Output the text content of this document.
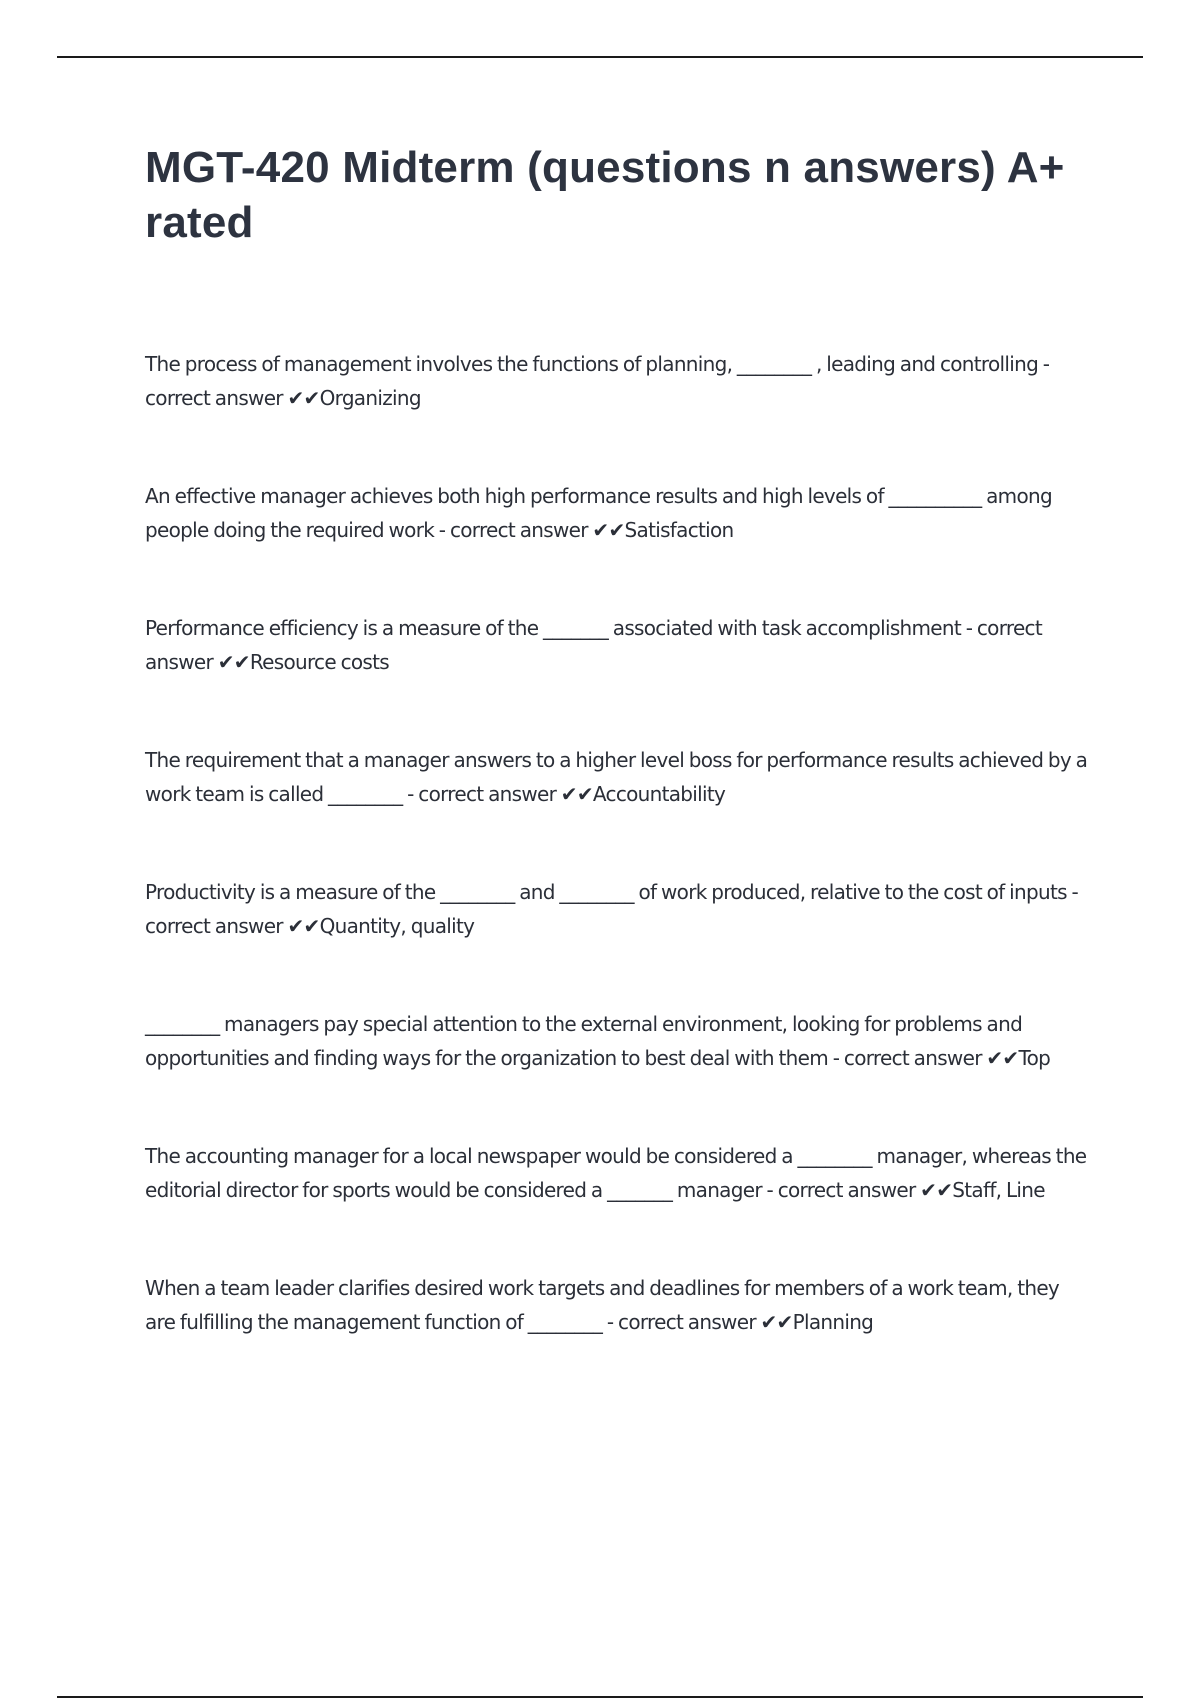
MGT-420 Midterm (questions n answers) A+ rated

The process of management involves the functions of planning, ________ , leading and controlling - correct answer ✔✔Organizing

An effective manager achieves both high performance results and high levels of __________ among people doing the required work - correct answer ✔✔Satisfaction

Performance efficiency is a measure of the _______ associated with task accomplishment - correct answer ✔✔Resource costs

The requirement that a manager answers to a higher level boss for performance results achieved by a work team is called ________ - correct answer ✔✔Accountability

Productivity is a measure of the ________ and ________ of work produced, relative to the cost of inputs - correct answer ✔✔Quantity, quality

________ managers pay special attention to the external environment, looking for problems and opportunities and finding ways for the organization to best deal with them - correct answer ✔✔Top

The accounting manager for a local newspaper would be considered a ________ manager, whereas the editorial director for sports would be considered a _______ manager - correct answer ✔✔Staff, Line

When a team leader clarifies desired work targets and deadlines for members of a work team, they are fulfilling the management function of ________ - correct answer ✔✔Planning
